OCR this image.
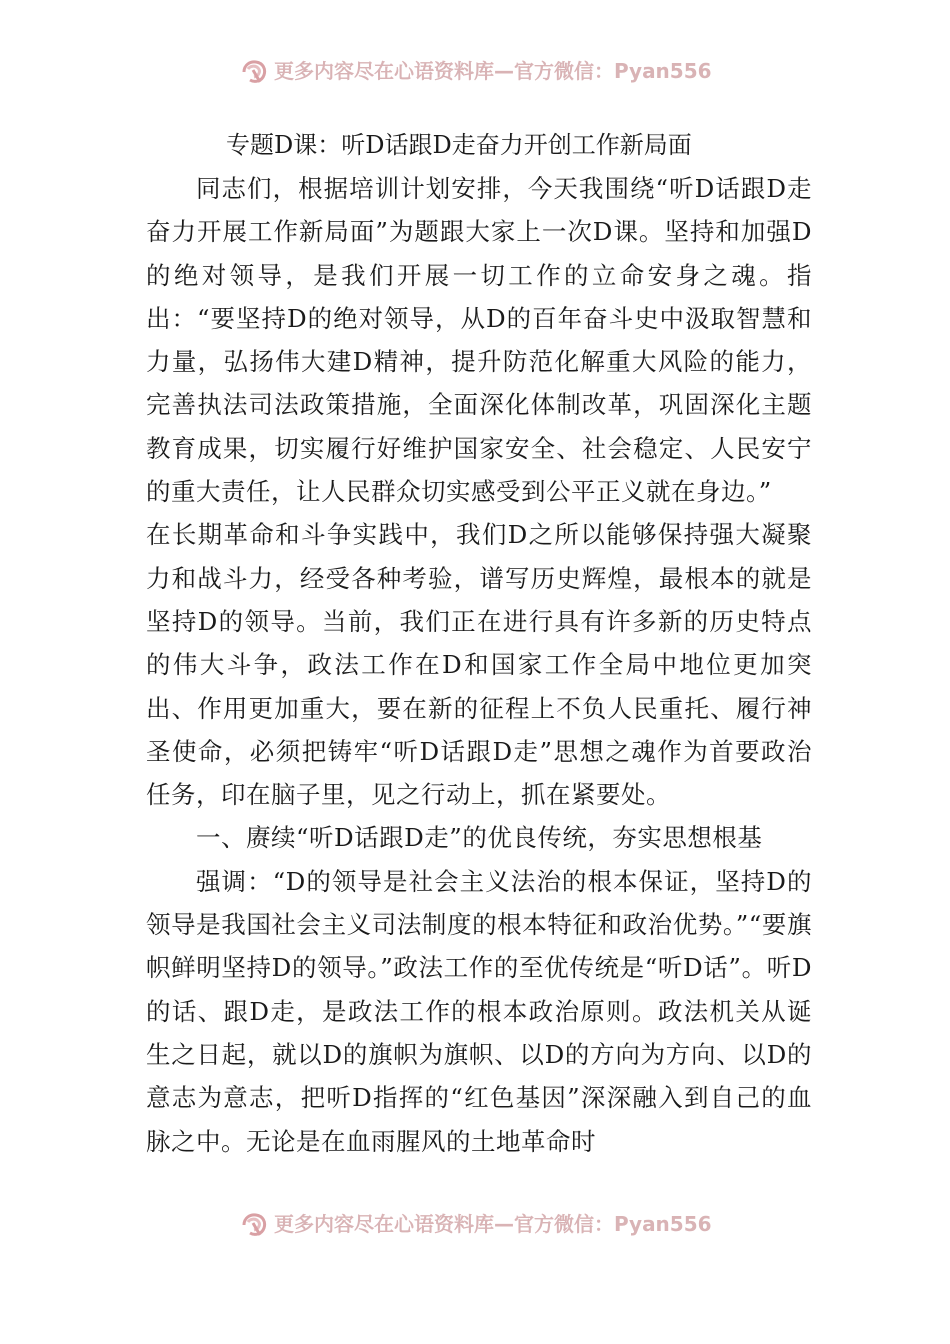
更多内容尽在心语资料库—官方微信：Pyan556
专题D课：听D话跟D走奋力开创工作新局面

同志们，根据培训计划安排，今天我围绕“听D话跟D走奋力开展工作新局面”为题跟大家上一次D课。坚持和加强D的绝对领导，是我们开展一切工作的立命安身之魂。指出：“要坚持D的绝对领导，从D的百年奋斗史中汲取智慧和力量，弘扬伟大建D精神，提升防范化解重大风险的能力，完善执法司法政策措施，全面深化体制改革，巩固深化主题教育成果，切实履行好维护国家安全、社会稳定、人民安宁的重大责任，让人民群众切实感受到公平正义就在身边。”

在长期革命和斗争实践中，我们D之所以能够保持强大凝聚力和战斗力，经受各种考验，谱写历史辉煌，最根本的就是坚持D的领导。当前，我们正在进行具有许多新的历史特点的伟大斗争，政法工作在D和国家工作全局中地位更加突出、作用更加重大，要在新的征程上不负人民重托、履行神圣使命，必须把铸牢“听D话跟D走”思想之魂作为首要政治任务，印在脑子里，见之行动上，抓在紧要处。

一、赓续“听D话跟D走”的优良传统，夯实思想根基

强调：“D的领导是社会主义法治的根本保证，坚持D的领导是我国社会主义司法制度的根本特征和政治优势。”“要旗帜鲜明坚持D的领导。”政法工作的至优传统是“听D话”。听D的话、跟D走，是政法工作的根本政治原则。政法机关从诞生之日起，就以D的旗帜为旗帜、以D的方向为方向、以D的意志为意志，把听D指挥的“红色基因”深深融入到自己的血脉之中。无论是在血雨腥风的土地革命时

更多内容尽在心语资料库—官方微信：Pyan556
